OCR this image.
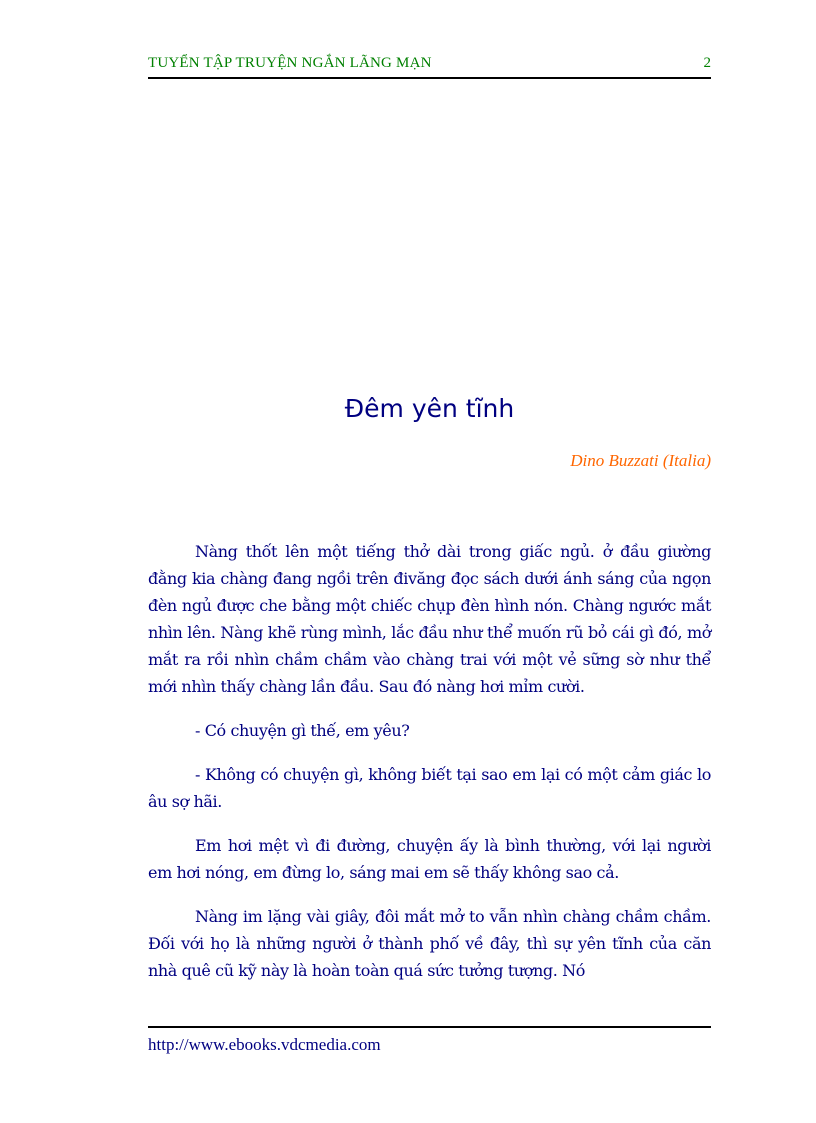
TUYỂN TẬP TRUYỆN NGẮN LÃNG MẠN	2
Đêm yên tĩnh
Dino Buzzati (Italia)

Nàng thốt lên một tiếng thở dài trong giấc ngủ. ở đầu giường đằng kia chàng đang ngồi trên đivăng đọc sách dưới ánh sáng của ngọn đèn ngủ được che bằng một chiếc chụp đèn hình nón. Chàng ngước mắt nhìn lên. Nàng khẽ rùng mình, lắc đầu như thể muốn rũ bỏ cái gì đó, mở mắt ra rồi nhìn chầm chầm vào chàng trai với một vẻ sững sờ như thể mới nhìn thấy chàng lần đầu. Sau đó nàng hơi mỉm cười.

- Có chuyện gì thế, em yêu?

- Không có chuyện gì, không biết tại sao em lại có một cảm giác lo âu sợ hãi.

Em hơi mệt vì đi đường, chuyện ấy là bình thường, với lại người em hơi nóng, em đừng lo, sáng mai em sẽ thấy không sao cả.

Nàng im lặng vài giây, đôi mắt mở to vẫn nhìn chàng chầm chầm. Đối với họ là những người ở thành phố về đây, thì sự yên tĩnh của căn nhà quê cũ kỹ này là hoàn toàn quá sức tưởng tượng. Nó

http://www.ebooks.vdcmedia.com
